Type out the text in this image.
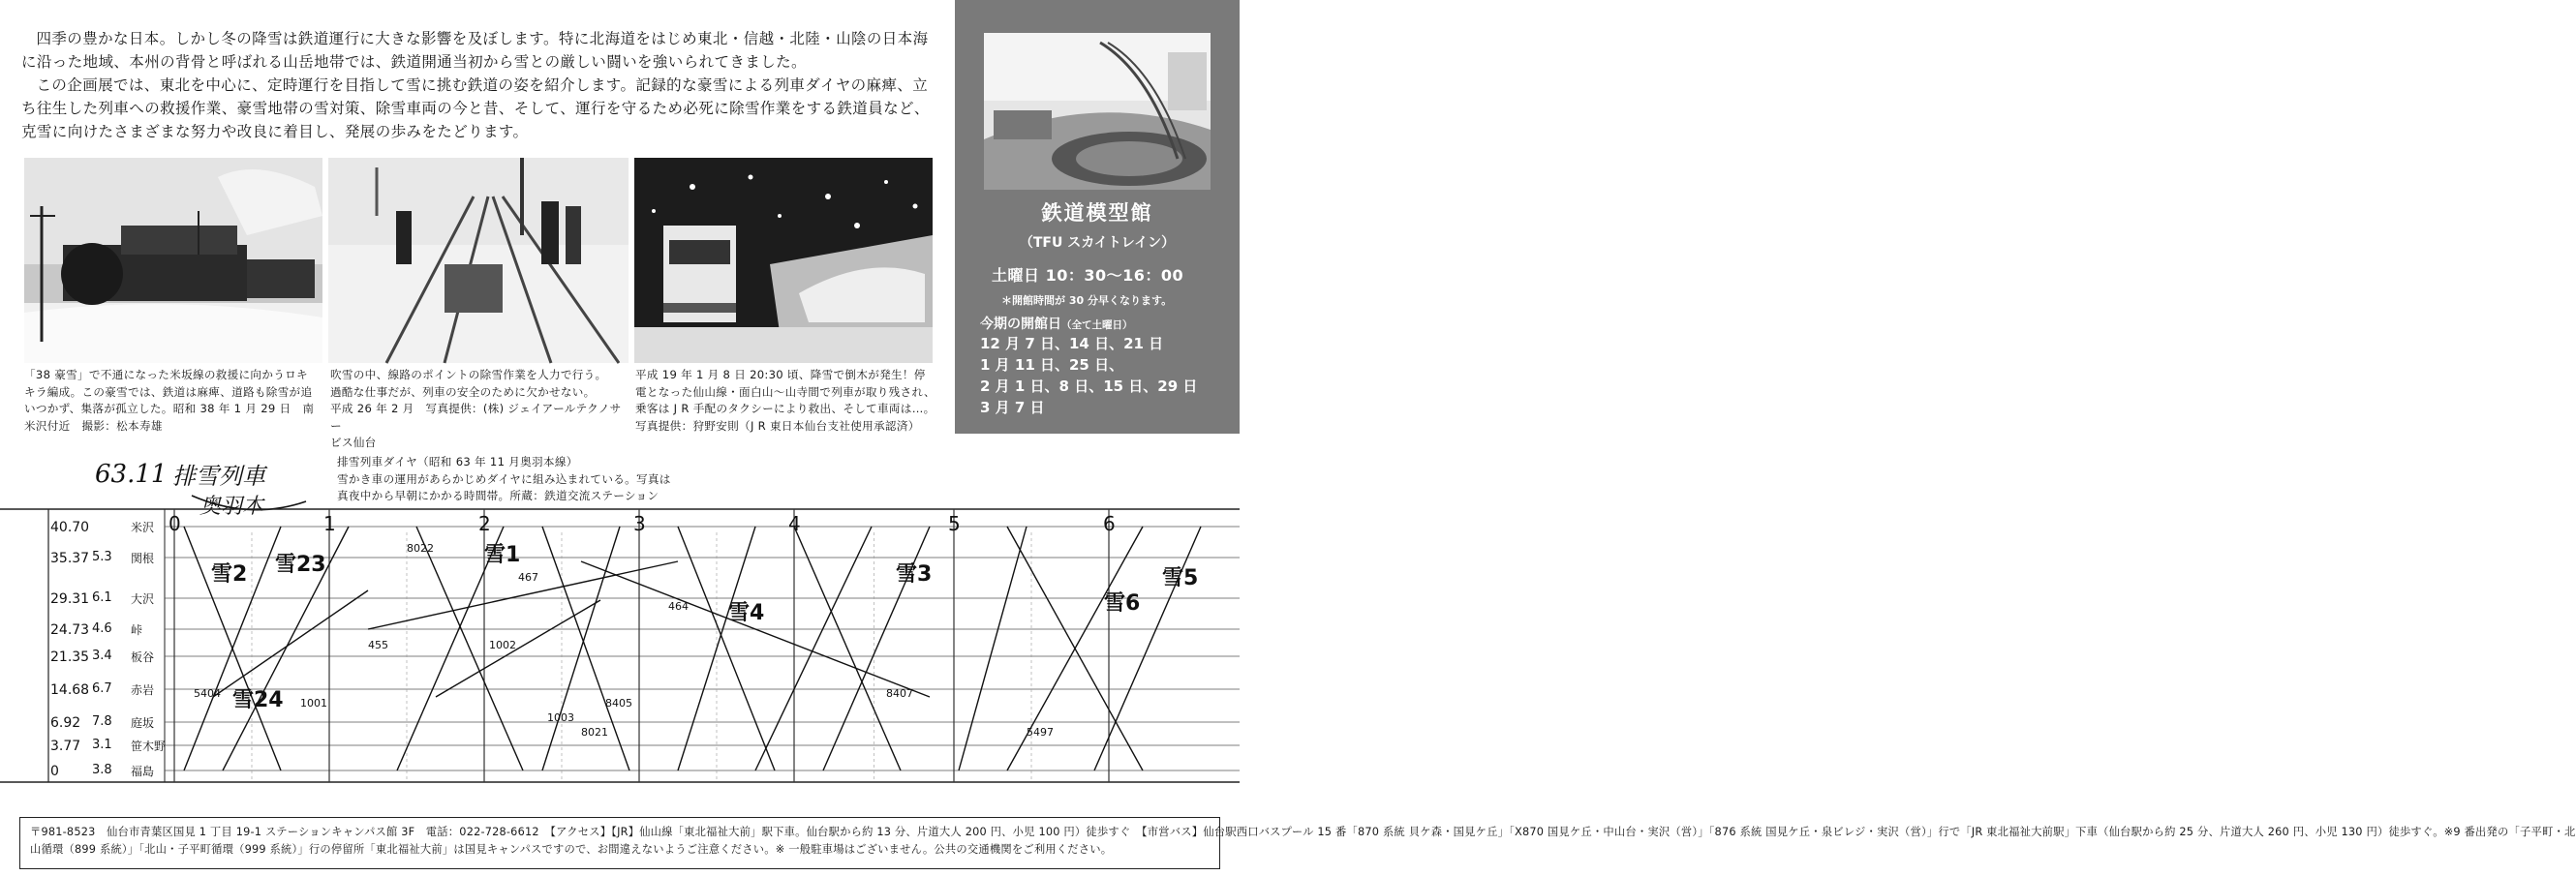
四季の豊かな日本。しかし冬の降雪は鉄道運行に大きな影響を及ぼします。特に北海道をはじめ東北・信越・北陸・山陰の日本海に沿った地域、本州の背骨と呼ばれる山岳地帯では、鉄道開通当初から雪との厳しい闘いを強いられてきました。

この企画展では、東北を中心に、定時運行を目指して雪に挑む鉄道の姿を紹介します。記録的な豪雪による列車ダイヤの麻痺、立ち往生した列車への救援作業、豪雪地帯の雪対策、除雪車両の今と昔、そして、運行を守るため必死に除雪作業をする鉄道員など、克雪に向けたさまざまな努力や改良に着目し、発展の歩みをたどります。

「38 豪雪」で不通になった米坂線の救援に向かうロキ
キラ編成。この豪雪では、鉄道は麻痺、道路も除雪が追
いつかず、集落が孤立した。昭和 38 年 1 月 29 日　南
米沢付近　撮影：松本寿雄
吹雪の中、線路のポイントの除雪作業を人力で行う。
過酷な仕事だが、列車の安全のために欠かせない。
平成 26 年 2 月　写真提供：(株) ジェイアールテクノサー
ビス仙台
平成 19 年 1 月 8 日 20:30 頃、降雪で倒木が発生！停
電となった仙山線・面白山〜山寺間で列車が取り残され、
乗客は J R 手配のタクシーにより救出、そして車両は…。
写真提供：狩野安則（J R 東日本仙台支社使用承認済）
鉄道模型館
（TFU スカイトレイン）
土曜日 10：30〜16：00
＊開館時間が 30 分早くなります。
今期の開館日（全て土曜日）
12 月 7 日、14 日、21 日
1 月 11 日、25 日、
2 月 1 日、8 日、15 日、29 日
3 月 7 日
排雪列車ダイヤ（昭和 63 年 11 月奥羽本線）
雪かき車の運用があらかじめダイヤに組み込まれている。写真は
真夜中から早朝にかかる時間帯。所蔵：鉄道交流ステーション
63.11 排雪列車
奥羽本
40.70	米沢
35.37 5.3 関根
29.31 6.1 大沢
24.73 4.6 峠
21.35 3.4 板谷
14.68 6.7 赤岩
6.92 7.8 庭坂
3.77 3.1 笹木野
0	3.8 福島
0	1	2	3	4	5	6
雪2 雪23	雪1
雪4
雪3
雪6
雪5
雪24 1001
1002
1003
8021
8405
8407
8022
5404
5497
464
455
467
〒981-8523　仙台市青葉区国見 1 丁目 19-1 ステーションキャンパス館 3F　電話：022-728-6612　【アクセス】【JR】仙山線「東北福祉大前」駅下車。仙台駅から約 13 分、片道大人 200 円、小児 100 円）徒歩すぐ　【市営バス】仙台駅西口バスプール 15 番「870 系統 貝ケ森・国見ケ丘」「X870 国見ケ丘・中山台・実沢（営）」「876 系統 国見ケ丘・泉ビレジ・実沢（営）」行で「JR 東北福祉大前駅」下車（仙台駅から約 25 分、片道大人 260 円、小児 130 円）徒歩すぐ。※9 番出発の「子平町・北
山循環（899 系統）」「北山・子平町循環（999 系統）」行の停留所「東北福祉大前」は国見キャンパスですので、お間違えないようご注意ください。※ 一般駐車場はございません。公共の交通機関をご利用ください。
